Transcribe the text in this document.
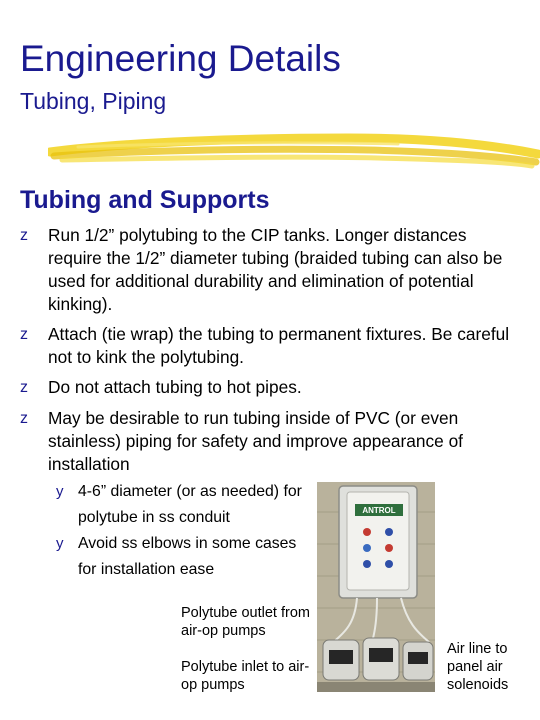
Engineering Details
Tubing, Piping
Tubing and Supports
z	Run 1/2” polytubing to the CIP tanks. Longer distances require the 1/2” diameter tubing (braided tubing can also be used for additional durability and elimination of potential kinking).
z	Attach (tie wrap) the tubing to permanent fixtures. Be careful not to kink the polytubing.
z	Do not attach tubing to hot pipes.
z	May be desirable to run tubing inside of PVC (or even stainless) piping for safety and improve appearance of installation
y 4-6” diameter (or as needed) for polytube in ss conduit
y Avoid ss elbows in some cases for installation ease
ANTROL
Polytube outlet from air-op pumps
Polytube inlet to air-op pumps
Air line to panel air solenoids
